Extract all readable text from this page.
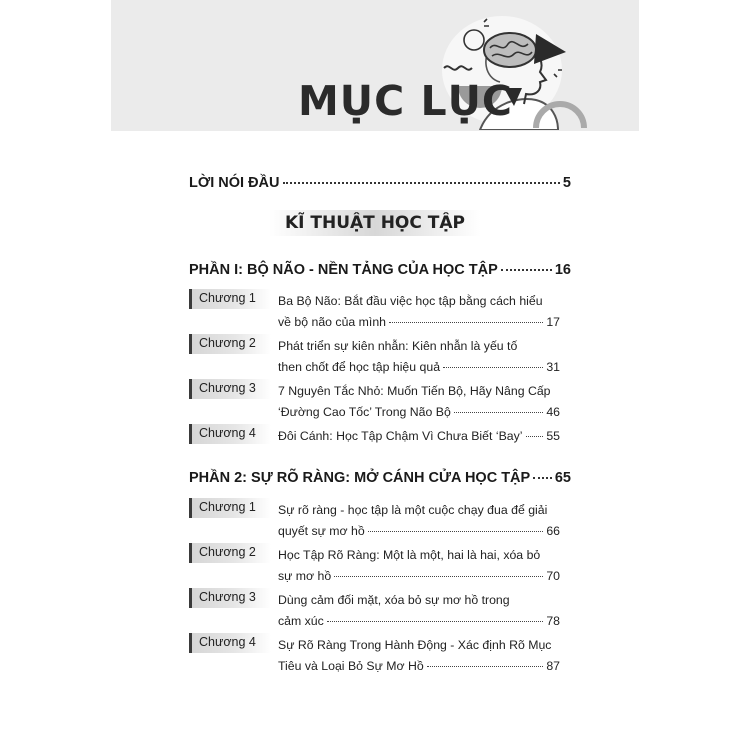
MỤC LỤC
LỜI NÓI ĐẦU	5
KĨ THUẬT HỌC TẬP
PHẦN I: BỘ NÃO - NỀN TẢNG CỦA HỌC TẬP	16
Chương 1 Ba Bộ Não: Bắt đầu việc học tập bằng cách hiểu
về bộ não của mình	17
Chương 2 Phát triển sự kiên nhẫn: Kiên nhẫn là yếu tố
then chốt để học tập hiệu quả	31
Chương 3 7 Nguyên Tắc Nhỏ: Muốn Tiến Bộ, Hãy Nâng Cấp
‘Đường Cao Tốc’ Trong Não Bộ	46
Chương 4 Đôi Cánh: Học Tập Chậm Vì Chưa Biết ‘Bay’ 55
PHẦN 2: SỰ RÕ RÀNG: MỞ CÁNH CỬA HỌC TẬP 65
Chương 1 Sự rõ ràng - học tập là một cuộc chạy đua để giải
quyết sự mơ hồ	66
Chương 2 Học Tập Rõ Ràng: Một là một, hai là hai, xóa bỏ
sự mơ hồ	70
Chương 3 Dùng cảm đối mặt, xóa bỏ sự mơ hồ trong
cảm xúc	78
Chương 4 Sự Rõ Ràng Trong Hành Động - Xác định Rõ Mục
Tiêu và Loại Bỏ Sự Mơ Hồ	87
